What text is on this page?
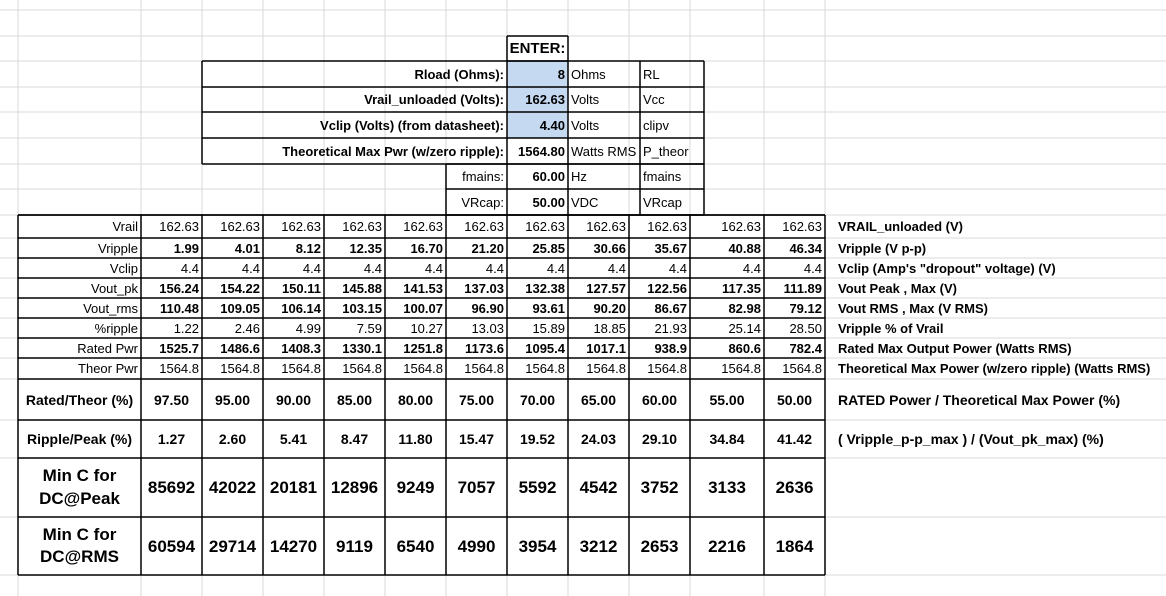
ENTER:
Rload (Ohms):	8 Ohms	RL
Vrail_unloaded (Volts):	162.63 Volts	Vcc
Vclip (Volts) (from datasheet):	4.40 Volts	clipv
Theoretical Max Pwr (w/zero ripple):	1564.80 Watts RMS P_theor
fmains:	60.00 Hz	fmains
VRcap:	50.00 VDC	VRcap
Vrail	162.63	162.63	162.63	162.63	162.63	162.63	162.63	162.63	162.63	162.63	162.63 VRAIL_unloaded (V)
Vripple	1.99	4.01	8.12	12.35	16.70	21.20	25.85	30.66	35.67	40.88	46.34 Vripple (V p-p)
Vclip	4.4	4.4	4.4	4.4	4.4	4.4	4.4	4.4	4.4	4.4	4.4 Vclip (Amp's "dropout" voltage) (V)
Vout_pk	156.24	154.22	150.11	145.88	141.53	137.03	132.38	127.57	122.56	117.35	111.89 Vout Peak , Max (V)
Vout_rms	110.48	109.05	106.14	103.15	100.07	96.90	93.61	90.20	86.67	82.98	79.12 Vout RMS , Max (V RMS)
%ripple	1.22	2.46	4.99	7.59	10.27	13.03	15.89	18.85	21.93	25.14	28.50 Vripple % of Vrail
Rated Pwr	1525.7	1486.6	1408.3	1330.1	1251.8	1173.6	1095.4	1017.1	938.9	860.6	782.4 Rated Max Output Power (Watts RMS)
Theor Pwr	1564.8	1564.8	1564.8	1564.8	1564.8	1564.8	1564.8	1564.8	1564.8	1564.8	1564.8 Theoretical Max Power (w/zero ripple) (Watts RMS)
Rated/Theor (%)	97.50	95.00	90.00	85.00	80.00	75.00	70.00	65.00	60.00	55.00	50.00	RATED Power / Theoretical Max Power (%)
Ripple/Peak (%)	1.27	2.60	5.41	8.47	11.80	15.47	19.52	24.03	29.10	34.84	41.42	( Vripple_p-p_max ) / (Vout_pk_max) (%)
Min C for DC@Peak
85692 42022 20181 12896	9249	7057	5592	4542	3752	3133	2636
Min C for DC@RMS
60594 29714 14270	9119	6540	4990	3954	3212	2653	2216	1864
